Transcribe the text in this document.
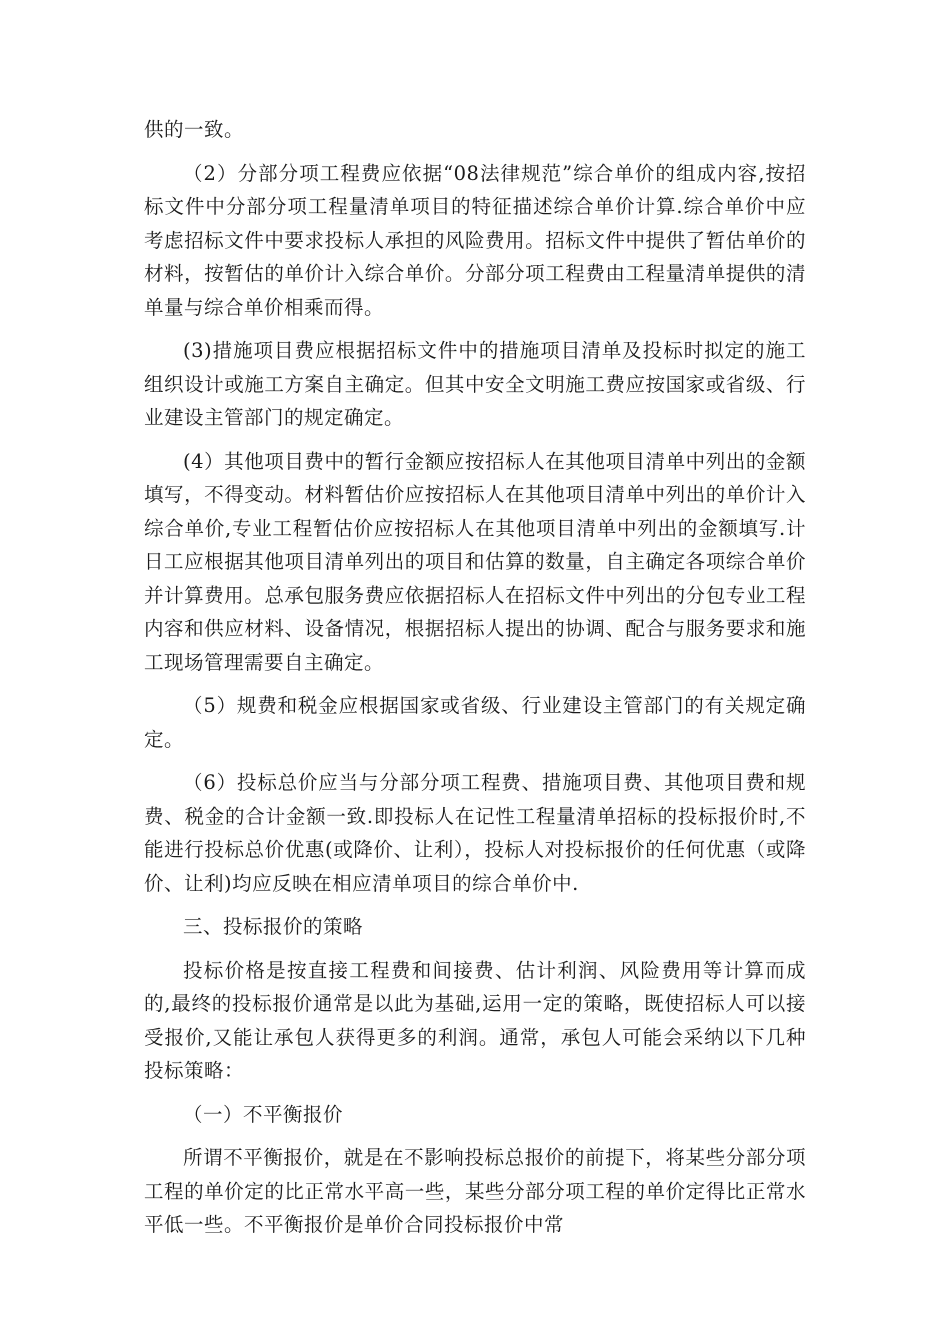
供的一致。

（2）分部分项工程费应依据“08法律规范”综合单价的组成内容,按招标文件中分部分项工程量清单项目的特征描述综合单价计算.综合单价中应考虑招标文件中要求投标人承担的风险费用。招标文件中提供了暂估单价的材料，按暂估的单价计入综合单价。分部分项工程费由工程量清单提供的清单量与综合单价相乘而得。

(3)措施项目费应根据招标文件中的措施项目清单及投标时拟定的施工组织设计或施工方案自主确定。但其中安全文明施工费应按国家或省级、行业建设主管部门的规定确定。

(4）其他项目费中的暂行金额应按招标人在其他项目清单中列出的金额填写，不得变动。材料暂估价应按招标人在其他项目清单中列出的单价计入综合单价,专业工程暂估价应按招标人在其他项目清单中列出的金额填写.计日工应根据其他项目清单列出的项目和估算的数量，自主确定各项综合单价并计算费用。总承包服务费应依据招标人在招标文件中列出的分包专业工程内容和供应材料、设备情况，根据招标人提出的协调、配合与服务要求和施工现场管理需要自主确定。

（5）规费和税金应根据国家或省级、行业建设主管部门的有关规定确定。

（6）投标总价应当与分部分项工程费、措施项目费、其他项目费和规费、税金的合计金额一致.即投标人在记性工程量清单招标的投标报价时,不能进行投标总价优惠(或降价、让利），投标人对投标报价的任何优惠（或降价、让利)均应反映在相应清单项目的综合单价中.

三、投标报价的策略

投标价格是按直接工程费和间接费、估计利润、风险费用等计算而成的,最终的投标报价通常是以此为基础,运用一定的策略，既使招标人可以接受报价,又能让承包人获得更多的利润。通常，承包人可能会采纳以下几种投标策略：

（一）不平衡报价

所谓不平衡报价，就是在不影响投标总报价的前提下，将某些分部分项工程的单价定的比正常水平高一些，某些分部分项工程的单价定得比正常水平低一些。不平衡报价是单价合同投标报价中常
